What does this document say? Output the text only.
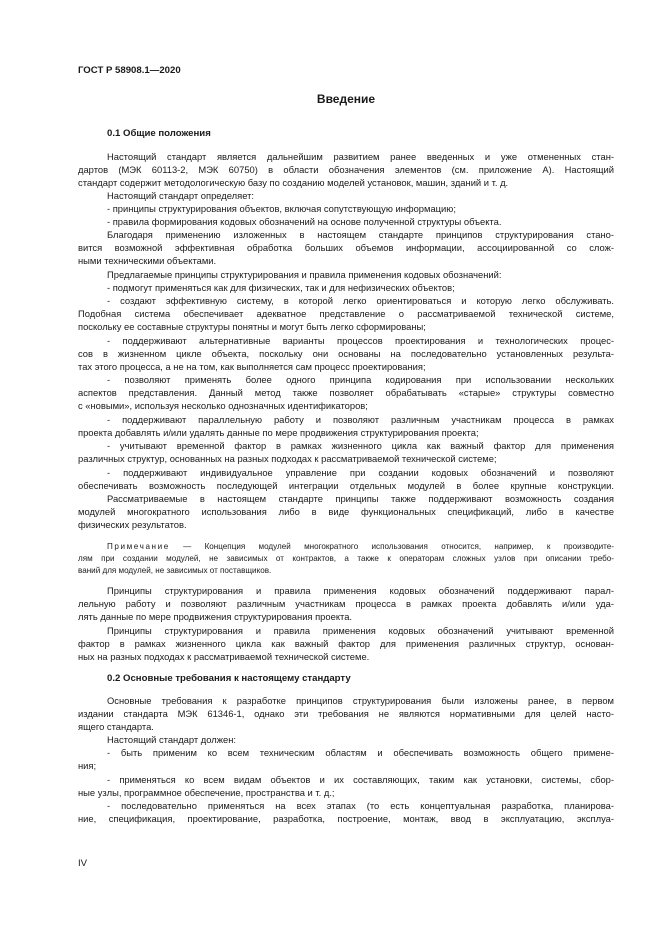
ГОСТ Р 58908.1—2020
Введение
0.1 Общие положения
Настоящий стандарт является дальнейшим развитием ранее введенных и уже отмененных стан-
дартов (МЭК 60113-2, МЭК 60750) в области обозначения элементов (см. приложение А). Настоящий
стандарт содержит методологическую базу по созданию моделей установок, машин, зданий и т. д.
Настоящий стандарт определяет:
- принципы структурирования объектов, включая сопутствующую информацию;
- правила формирования кодовых обозначений на основе полученной структуры объекта.
Благодаря применению изложенных в настоящем стандарте принципов структурирования стано-
вится возможной эффективная обработка больших объемов информации, ассоциированной со слож-
ными техническими объектами.
Предлагаемые принципы структурирования и правила применения кодовых обозначений:
- подмогут применяться как для физических, так и для нефизических объектов;
- создают эффективную систему, в которой легко ориентироваться и которую легко обслуживать.
Подобная система обеспечивает адекватное представление о рассматриваемой технической системе,
поскольку ее составные структуры понятны и могут быть легко сформированы;
- поддерживают альтернативные варианты процессов проектирования и технологических процес-
сов в жизненном цикле объекта, поскольку они основаны на последовательно установленных результа-
тах этого процесса, а не на том, как выполняется сам процесс проектирования;
- позволяют применять более одного принципа кодирования при использовании нескольких
аспектов представления. Данный метод также позволяет обрабатывать «старые» структуры совместно
с «новыми», используя несколько однозначных идентификаторов;
- поддерживают параллельную работу и позволяют различным участникам процесса в рамках
проекта добавлять и/или удалять данные по мере продвижения структурирования проекта;
- учитывают временной фактор в рамках жизненного цикла как важный фактор для применения
различных структур, основанных на разных подходах к рассматриваемой технической системе;
- поддерживают индивидуальное управление при создании кодовых обозначений и позволяют
обеспечивать возможность последующей интеграции отдельных модулей в более крупные конструкции.
Рассматриваемые в настоящем стандарте принципы также поддерживают возможность создания
модулей многократного использования либо в виде функциональных спецификаций, либо в качестве
физических результатов.
Примечание — Концепция модулей многократного использования относится, например, к производите-
лям при создании модулей, не зависимых от контрактов, а также к операторам сложных узлов при описании требо-
ваний для модулей, не зависимых от поставщиков.
Принципы структурирования и правила применения кодовых обозначений поддерживают парал-
лельную работу и позволяют различным участникам процесса в рамках проекта добавлять и/или уда-
лять данные по мере продвижения структурирования проекта.
Принципы структурирования и правила применения кодовых обозначений учитывают временной
фактор в рамках жизненного цикла как важный фактор для применения различных структур, основан-
ных на разных подходах к рассматриваемой технической системе.
0.2 Основные требования к настоящему стандарту
Основные требования к разработке принципов структурирования были изложены ранее, в первом
издании стандарта МЭК 61346-1, однако эти требования не являются нормативными для целей насто-
ящего стандарта.
Настоящий стандарт должен:
- быть применим ко всем техническим областям и обеспечивать возможность общего примене-
ния;
- применяться ко всем видам объектов и их составляющих, таким как установки, системы, сбор-
ные узлы, программное обеспечение, пространства и т. д.;
- последовательно применяться на всех этапах (то есть концептуальная разработка, планирова-
ние, спецификация, проектирование, разработка, построение, монтаж, ввод в эксплуатацию, эксплуа-
IV
